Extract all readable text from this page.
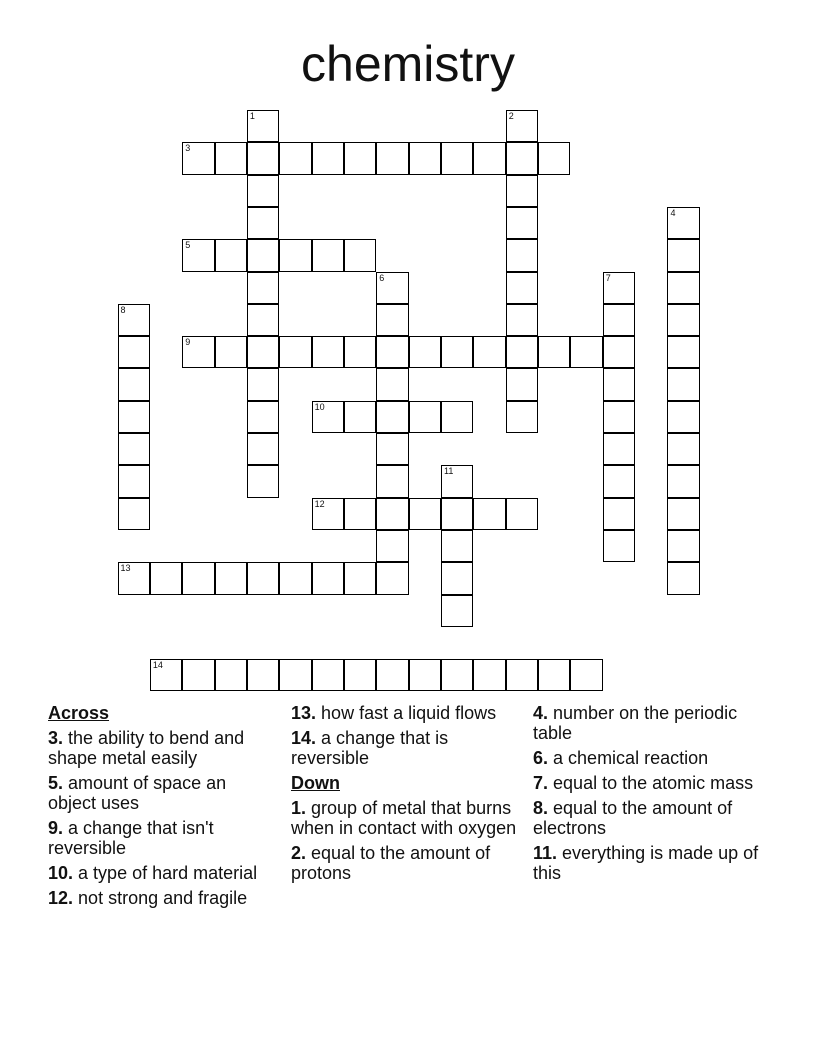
chemistry
1	2
3
4
5
6	7
8
9
10
11
12
13
14
Across
3. the ability to bend and shape metal easily
5. amount of space an object uses
9. a change that isn't reversible
10. a type of hard material
12. not strong and fragile
13. how fast a liquid flows
14. a change that is reversible
Down
1. group of metal that burns when in contact with oxygen
2. equal to the amount of protons
4. number on the periodic table
6. a chemical reaction
7. equal to the atomic mass
8. equal to the amount of electrons
11. everything is made up of this
